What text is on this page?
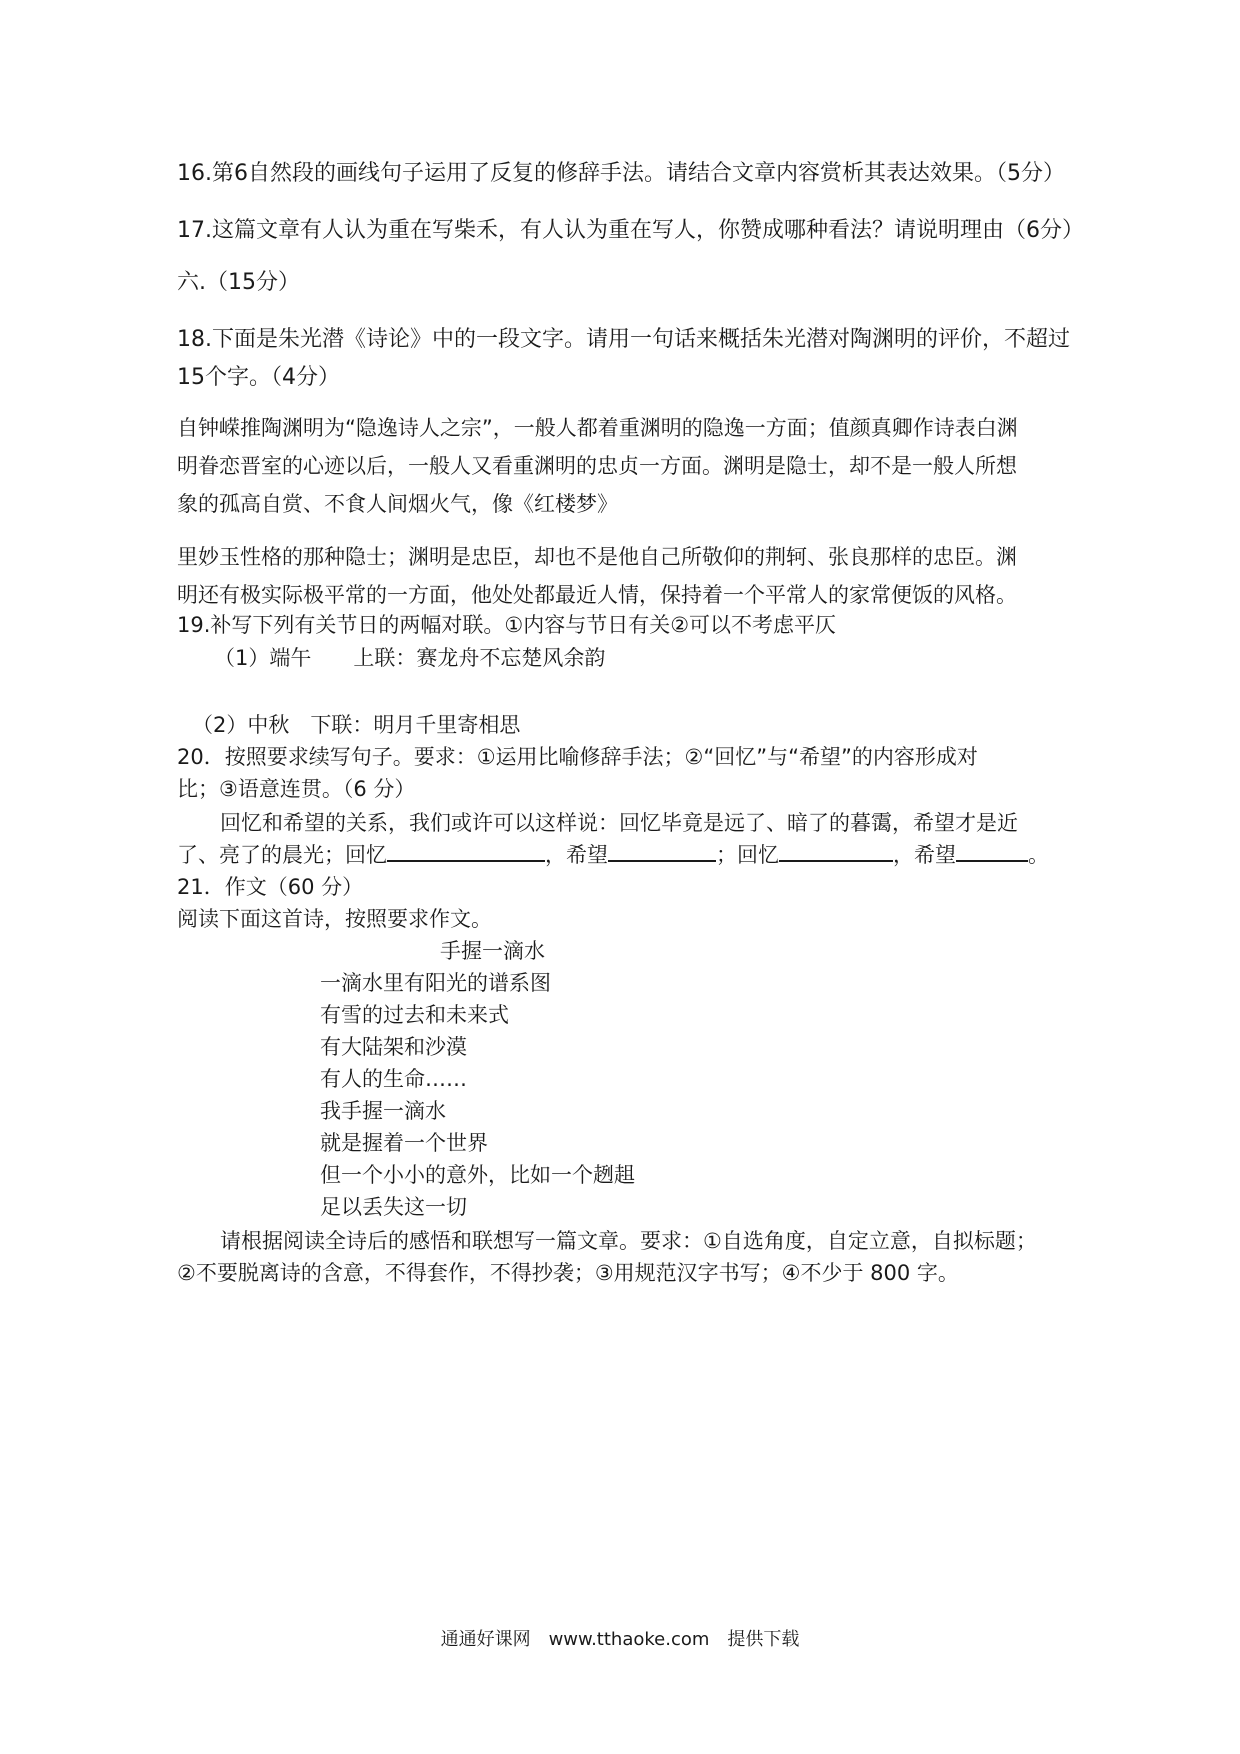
16.第6自然段的画线句子运用了反复的修辞手法。请结合文章内容赏析其表达效果。（5分）
17.这篇文章有人认为重在写柴禾，有人认为重在写人，你赞成哪种看法？请说明理由（6分）
六.（15分）
18.下面是朱光潜《诗论》中的一段文字。请用一句话来概括朱光潜对陶渊明的评价，不超过
15个字。（4分）
自钟嵘推陶渊明为“隐逸诗人之宗”，一般人都着重渊明的隐逸一方面；值颜真卿作诗表白渊
明眷恋晋室的心迹以后，一般人又看重渊明的忠贞一方面。渊明是隐士，却不是一般人所想
象的孤高自赏、不食人间烟火气，像《红楼梦》
里妙玉性格的那种隐士；渊明是忠臣，却也不是他自己所敬仰的荆轲、张良那样的忠臣。渊
明还有极实际极平常的一方面，他处处都最近人情，保持着一个平常人的家常便饭的风格。
19.补写下列有关节日的两幅对联。①内容与节日有关②可以不考虑平仄
（1）端午　　上联：赛龙舟不忘楚风余韵
（2）中秋　下联：明月千里寄相思
20．按照要求续写句子。要求：①运用比喻修辞手法；②“回忆”与“希望”的内容形成对
比；③语意连贯。（6 分）
回忆和希望的关系，我们或许可以这样说：回忆毕竟是远了、暗了的暮霭，希望才是近
了、亮了的晨光；回忆	，希望	；回忆	，希望	。
21．作文（60 分）
阅读下面这首诗，按照要求作文。
手握一滴水
一滴水里有阳光的谱系图
有雪的过去和未来式
有大陆架和沙漠
有人的生命……
我手握一滴水
就是握着一个世界
但一个小小的意外，比如一个趔趄
足以丢失这一切
请根据阅读全诗后的感悟和联想写一篇文章。要求：①自选角度，自定立意，自拟标题；
②不要脱离诗的含意，不得套作，不得抄袭；③用规范汉字书写；④不少于 800 字。
通通好课网　www.tthaoke.com　提供下载
